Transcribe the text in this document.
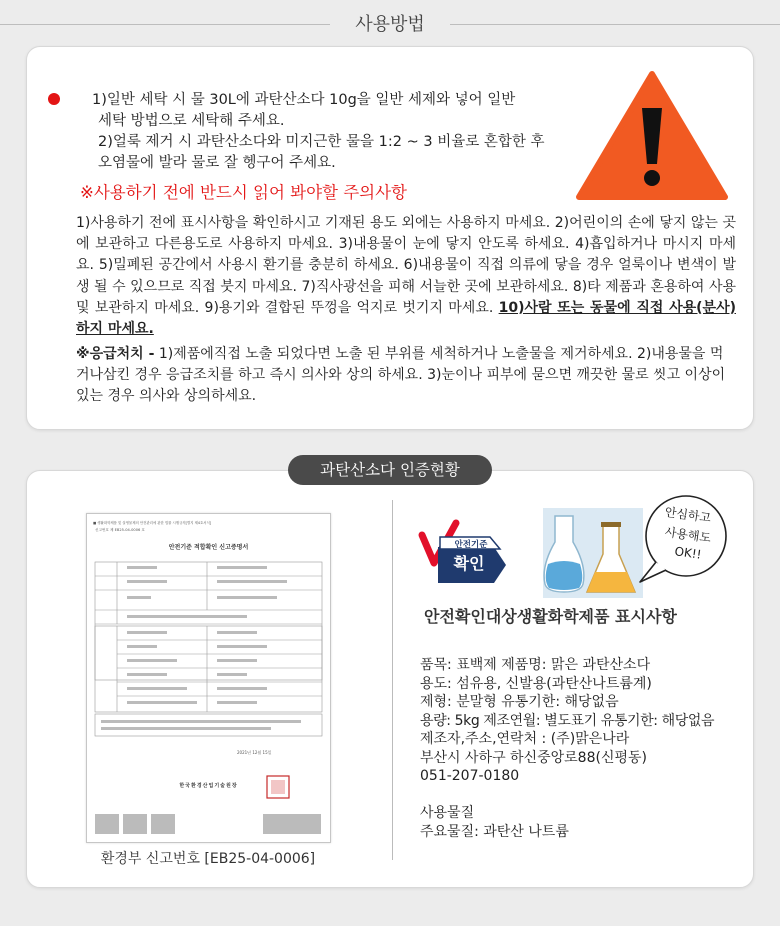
사용방법

1)일반 세탁 시 물 30L에 과탄산소다 10g을 일반 세제와 넣어 일반

세탁 방법으로 세탁해 주세요.

2)얼룩 제거 시 과탄산소다와 미지근한 물을 1:2 ~ 3 비율로 혼합한 후

오염물에 발라 물로 잘 헹구어 주세요.

※사용하기 전에 반드시 읽어 봐야할 주의사항
1)사용하기 전에 표시사항을 확인하시고 기재된 용도 외에는 사용하지 마세요. 2)어린이의 손에 닿지 않는 곳에 보관하고 다른용도로 사용하지 마세요. 3)내용물이 눈에 닿지 안도록 하세요. 4)흡입하거나 마시지 마세요. 5)밀폐된 공간에서 사용시 환기를 충분히 하세요. 6)내용물이 직접 의류에 닿을 경우 얼룩이나 변색이 발생 될 수 있으므로 직접 붓지 마세요. 7)직사광선을 피해 서늘한 곳에 보관하세요. 8)타 제품과 혼용하여 사용 및 보관하지 마세요. 9)용기와 결합된 뚜껑을 억지로 벗기지 마세요. 10)사람 또는 동물에 직접 사용(분사)하지 마세요.
※응급처치 - 1)제품에직접 노출 되었다면 노출 된 부위를 세척하거나 노출물을 제거하세요. 2)내용물을 먹거나삼킨 경우 응급조치를 하고 즉시 의사와 상의 하세요. 3)눈이나 피부에 묻으면 깨끗한 물로 씻고 이상이 있는 경우 의사와 상의하세요.
과탄산소다 인증현황
■ 생활화학제품 및 살생물제의 안전관리에 관한 법률 시행규칙[별지 제4호서식]
신고번호 제 EB25-04-0006 호
안전기준 적합확인 신고증명서
2021년 12월 15일
한국환경산업기술원장
환경부 신고번호 [EB25-04-0006]
안전기준
확인
안심하고
사용해도
OK!!
안전확인대상생활화학제품 표시사항
품목: 표백제 제품명: 맑은 과탄산소다
용도: 섬유용, 신발용(과탄산나트륨계)
제형: 분말형 유통기한: 해당없음
용량: 5kg 제조연월: 별도표기 유통기한: 해당없음
제조자,주소,연락처 : (주)맑은나라
부산시 사하구 하신중앙로88(신평동)
051-207-0180
사용물질
주요물질: 과탄산 나트륨
